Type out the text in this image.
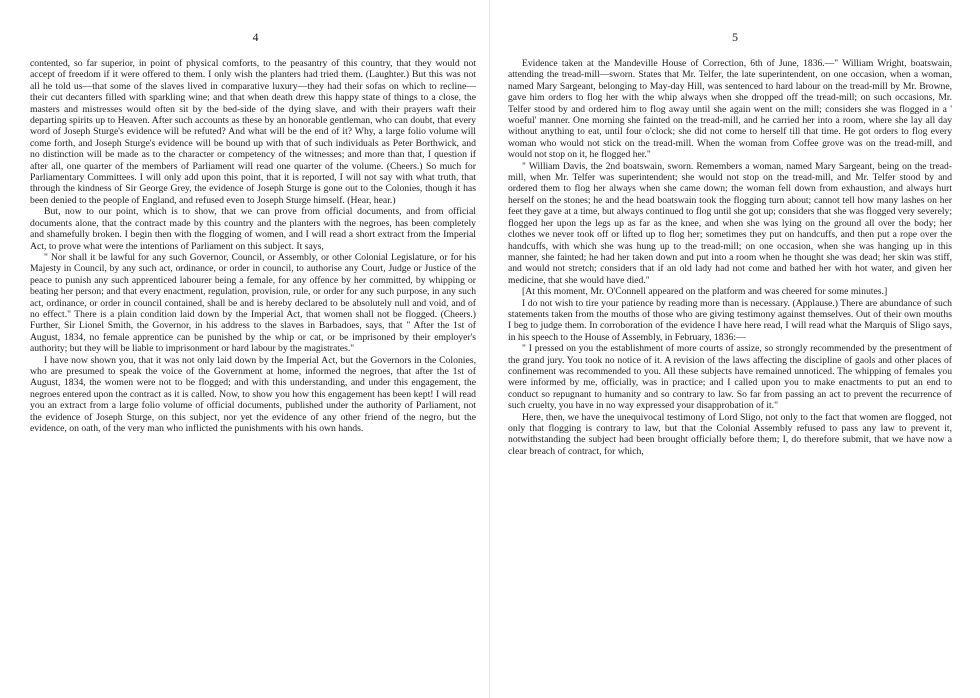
4

contented, so far superior, in point of physical comforts, to the peasantry of this country, that they would not accept of freedom if it were offered to them. I only wish the planters had tried them. (Laughter.) But this was not all he told us—that some of the slaves lived in comparative luxury—they had their sofas on which to recline—their cut decanters filled with sparkling wine; and that when death drew this happy state of things to a close, the masters and mistresses would often sit by the bed-side of the dying slave, and with their prayers waft their departing spirits up to Heaven. After such accounts as these by an honorable gentleman, who can doubt, that every word of Joseph Sturge's evidence will be refuted? And what will be the end of it? Why, a large folio volume will come forth, and Joseph Sturge's evidence will be bound up with that of such individuals as Peter Borthwick, and no distinction will be made as to the character or competency of the witnesses; and more than that, I question if after all, one quarter of the members of Parliament will read one quarter of the volume. (Cheers.) So much for Parliamentary Committees. I will only add upon this point, that it is reported, I will not say with what truth, that through the kindness of Sir George Grey, the evidence of Joseph Sturge is gone out to the Colonies, though it has been denied to the people of England, and refused even to Joseph Sturge himself. (Hear, hear.)

But, now to our point, which is to show, that we can prove from official documents, and from official documents alone, that the contract made by this country and the planters with the negroes, has been completely and shamefully broken. I begin then with the flogging of women, and I will read a short extract from the Imperial Act, to prove what were the intentions of Parliament on this subject. It says,

" Nor shall it be lawful for any such Governor, Council, or Assembly, or other Colonial Legislature, or for his Majesty in Council, by any such act, ordinance, or order in council, to authorise any Court, Judge or Justice of the peace to punish any such apprenticed labourer being a female, for any offence by her committed, by whipping or beating her person; and that every enactment, regulation, provision, rule, or order for any such purpose, in any such act, ordinance, or order in council contained, shall be and is hereby declared to be absolutely null and void, and of no effect." There is a plain condition laid down by the Imperial Act, that women shall not be flogged. (Cheers.) Further, Sir Lionel Smith, the Governor, in his address to the slaves in Barbadoes, says, that " After the 1st of August, 1834, no female apprentice can be punished by the whip or cat, or be imprisoned by their employer's authority; but they will be liable to imprisonment or hard labour by the magistrates."

I have now shown you, that it was not only laid down by the Imperial Act, but the Governors in the Colonies, who are presumed to speak the voice of the Government at home, informed the negroes, that after the 1st of August, 1834, the women were not to be flogged; and with this understanding, and under this engagement, the negroes entered upon the contract as it is called. Now, to show you how this engagement has been kept! I will read you an extract from a large folio volume of official documents, published under the authority of Parliament, not the evidence of Joseph Sturge, on this subject, nor yet the evidence of any other friend of the negro, but the evidence, on oath, of the very man who inflicted the punishments with his own hands.

5

Evidence taken at the Mandeville House of Correction, 6th of June, 1836.—" William Wright, boatswain, attending the tread-mill—sworn. States that Mr. Telfer, the late superintendent, on one occasion, when a woman, named Mary Sargeant, belonging to May-day Hill, was sentenced to hard labour on the tread-mill by Mr. Browne, gave him orders to flog her with the whip always when she dropped off the tread-mill; on such occasions, Mr. Telfer stood by and ordered him to flog away until she again went on the mill; considers she was flogged in a ' woeful' manner. One morning she fainted on the tread-mill, and he carried her into a room, where she lay all day without anything to eat, until four o'clock; she did not come to herself till that time. He got orders to flog every woman who would not stick on the tread-mill. When the woman from Coffee grove was on the tread-mill, and would not stop on it, he flogged her."

" William Davis, the 2nd boatswain, sworn. Remembers a woman, named Mary Sargeant, being on the tread-mill, when Mr. Telfer was superintendent; she would not stop on the tread-mill, and Mr. Telfer stood by and ordered them to flog her always when she came down; the woman fell down from exhaustion, and always hurt herself on the stones; he and the head boatswain took the flogging turn about; cannot tell how many lashes on her feet they gave at a time, but always continued to flog until she got up; considers that she was flogged very severely; flogged her upon the legs up as far as the knee, and when she was lying on the ground all over the body; her clothes we never took off or lifted up to flog her; sometimes they put on handcuffs, and then put a rope over the handcuffs, with which she was hung up to the tread-mill; on one occasion, when she was hanging up in this manner, she fainted; he had her taken down and put into a room when he thought she was dead; her skin was stiff, and would not stretch; considers that if an old lady had not come and bathed her with hot water, and given her medicine, that she would have died."

[At this moment, Mr. O'Connell appeared on the platform and was cheered for some minutes.]

I do not wish to tire your patience by reading more than is necessary. (Applause.) There are abundance of such statements taken from the mouths of those who are giving testimony against themselves. Out of their own mouths I beg to judge them. In corroboration of the evidence I have here read, I will read what the Marquis of Sligo says, in his speech to the House of Assembly, in February, 1836:—

" I pressed on you the establishment of more courts of assize, so strongly recommended by the presentment of the grand jury. You took no notice of it. A revision of the laws affecting the discipline of gaols and other places of confinement was recommended to you. All these subjects have remained unnoticed. The whipping of females you were informed by me, officially, was in practice; and I called upon you to make enactments to put an end to conduct so repugnant to humanity and so contrary to law. So far from passing an act to prevent the recurrence of such cruelty, you have in no way expressed your disapprobation of it."

Here, then, we have the unequivocal testimony of Lord Sligo, not only to the fact that women are flogged, not only that flogging is contrary to law, but that the Colonial Assembly refused to pass any law to prevent it, notwithstanding the subject had been brought officially before them; I, do therefore submit, that we have now a clear breach of contract, for which,
